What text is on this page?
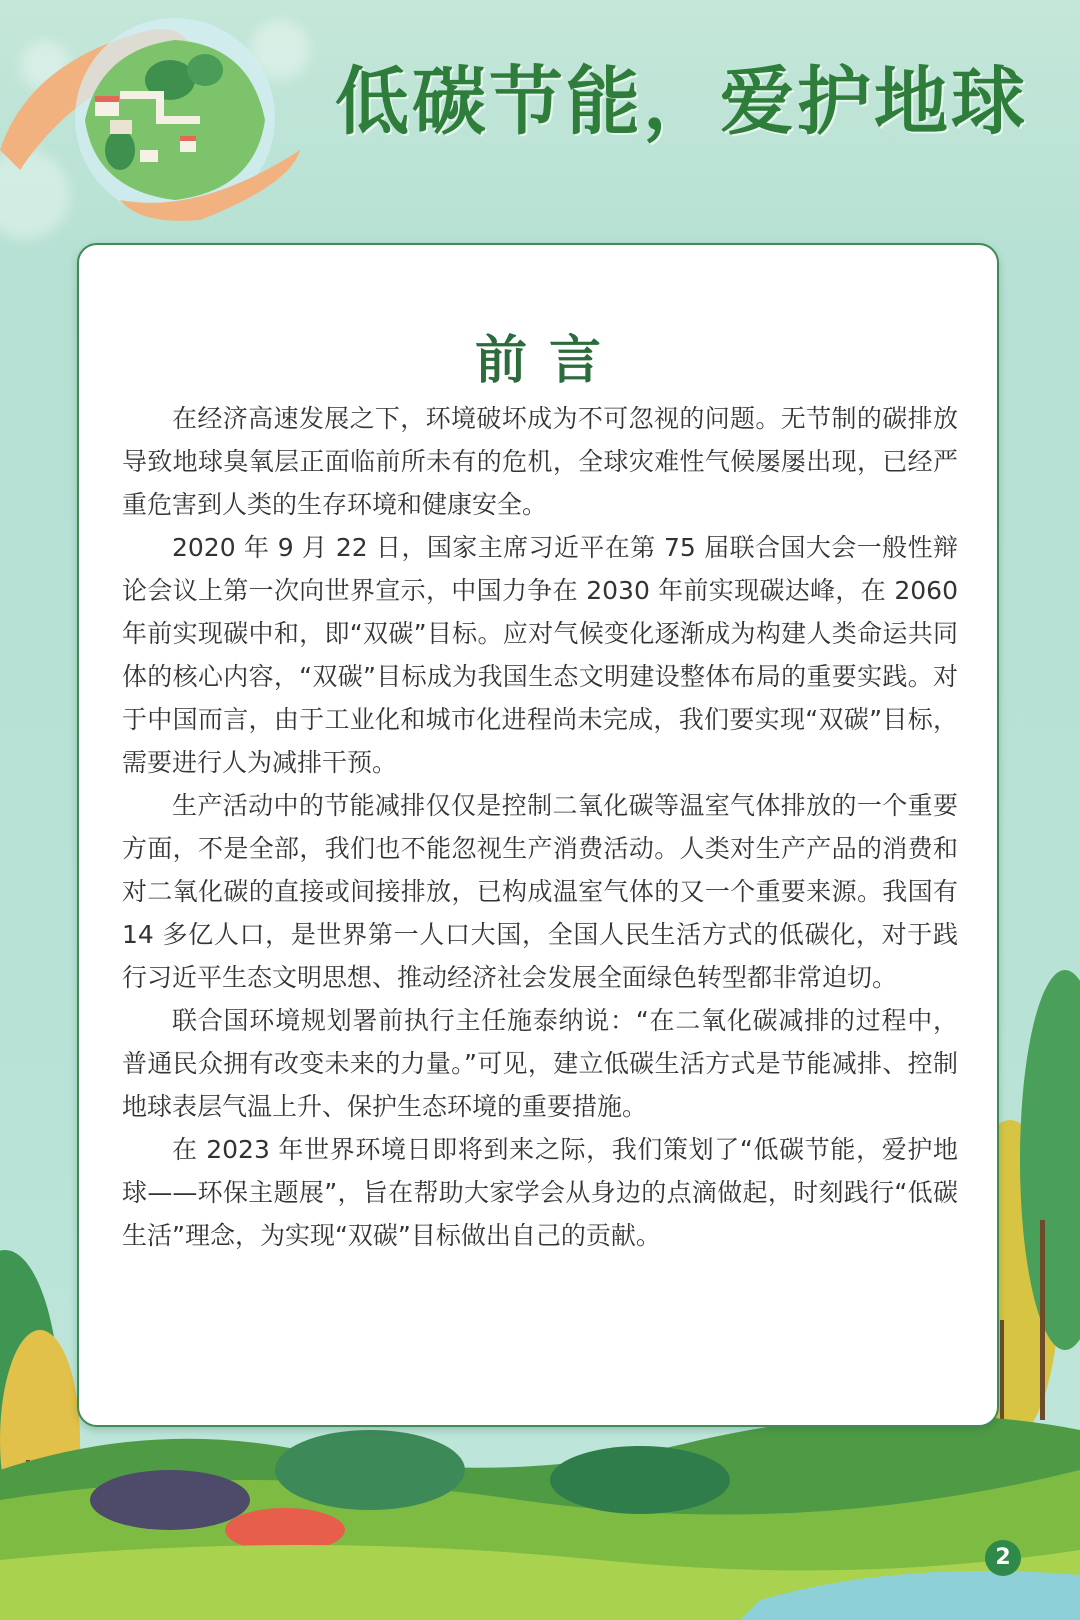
低碳节能，爱护地球
前言

在经济高速发展之下，环境破坏成为不可忽视的问题。无节制的碳排放导致地球臭氧层正面临前所未有的危机，全球灾难性气候屡屡出现，已经严重危害到人类的生存环境和健康安全。

2020 年 9 月 22 日，国家主席习近平在第 75 届联合国大会一般性辩论会议上第一次向世界宣示，中国力争在 2030 年前实现碳达峰，在 2060 年前实现碳中和，即“双碳”目标。应对气候变化逐渐成为构建人类命运共同体的核心内容，“双碳”目标成为我国生态文明建设整体布局的重要实践。对于中国而言，由于工业化和城市化进程尚未完成，我们要实现“双碳”目标，需要进行人为减排干预。

生产活动中的节能减排仅仅是控制二氧化碳等温室气体排放的一个重要方面，不是全部，我们也不能忽视生产消费活动。人类对生产产品的消费和对二氧化碳的直接或间接排放，已构成温室气体的又一个重要来源。我国有 14 多亿人口，是世界第一人口大国，全国人民生活方式的低碳化，对于践行习近平生态文明思想、推动经济社会发展全面绿色转型都非常迫切。

联合国环境规划署前执行主任施泰纳说：“在二氧化碳减排的过程中，普通民众拥有改变未来的力量。”可见，建立低碳生活方式是节能减排、控制地球表层气温上升、保护生态环境的重要措施。

在 2023 年世界环境日即将到来之际，我们策划了“低碳节能，爱护地球——环保主题展”，旨在帮助大家学会从身边的点滴做起，时刻践行“低碳生活”理念，为实现“双碳”目标做出自己的贡献。

2
